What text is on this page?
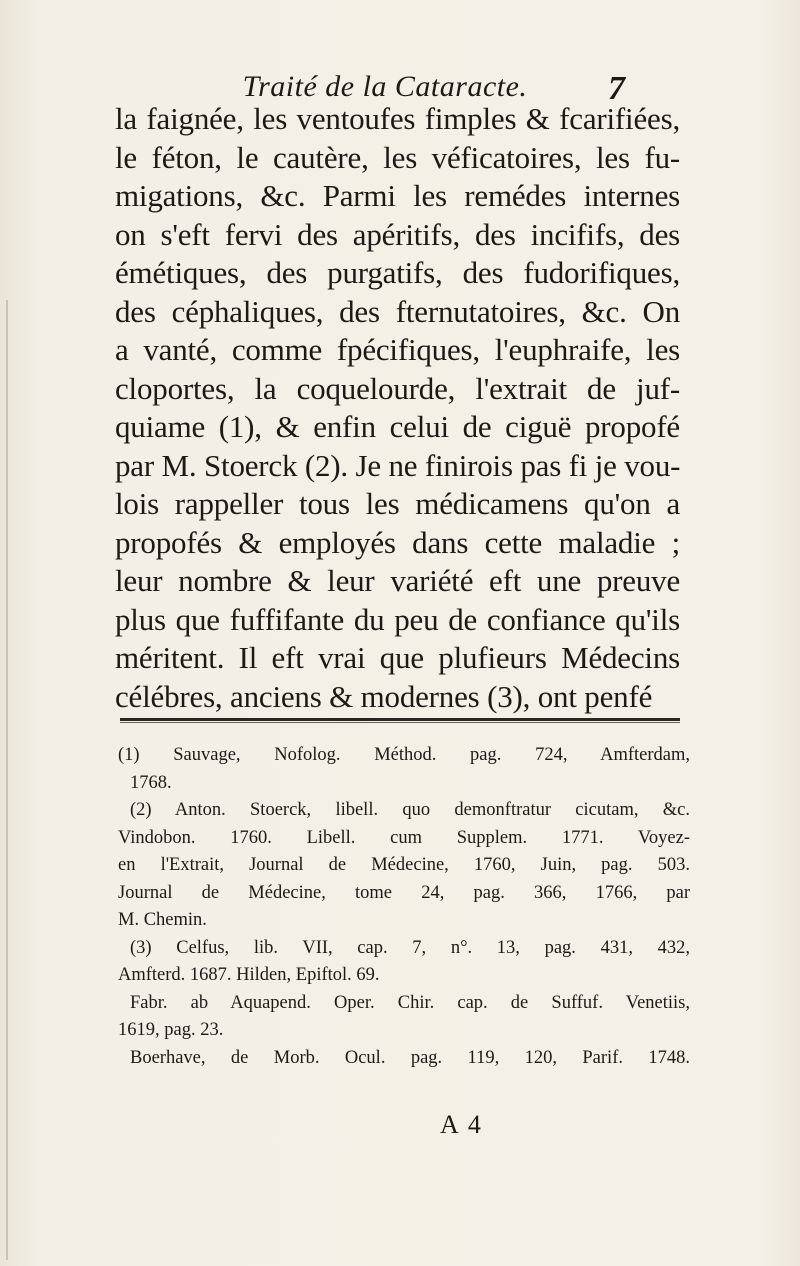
Traité de la Cataracte.	7
la faignée, les ventoufes fimples & fcarifiées,
le féton, le cautère, les véficatoires, les fu-
migations, &c. Parmi les remédes internes
on s'eft fervi des apéritifs, des incififs, des
émétiques, des purgatifs, des fudorifiques,
des céphaliques, des fternutatoires, &c. On
a vanté, comme fpécifiques, l'euphraife, les
cloportes, la coquelourde, l'extrait de juf-
quiame (1), & enfin celui de ciguë propofé
par M. Stoerck (2). Je ne finirois pas fi je vou-
lois rappeller tous les médicamens qu'on a
propofés & employés dans cette maladie ;
leur nombre & leur variété eft une preuve
plus que fuffifante du peu de confiance qu'ils
méritent. Il eft vrai que plufieurs Médecins
célébres, anciens & modernes (3), ont penfé
(1) Sauvage, Nofolog. Méthod. pag. 724, Amfterdam,
1768.
(2) Anton. Stoerck, libell. quo demonftratur cicutam, &c.
Vindobon. 1760. Libell. cum Supplem. 1771. Voyez-
en l'Extrait, Journal de Médecine, 1760, Juin, pag. 503.
Journal de Médecine, tome 24, pag. 366, 1766, par
M. Chemin.
(3) Celfus, lib. VII, cap. 7, n°. 13, pag. 431, 432,
Amfterd. 1687. Hilden, Epiftol. 69.
Fabr. ab Aquapend. Oper. Chir. cap. de Suffuf. Venetiis,
1619, pag. 23.
Boerhave, de Morb. Ocul. pag. 119, 120, Parif. 1748.
A 4
